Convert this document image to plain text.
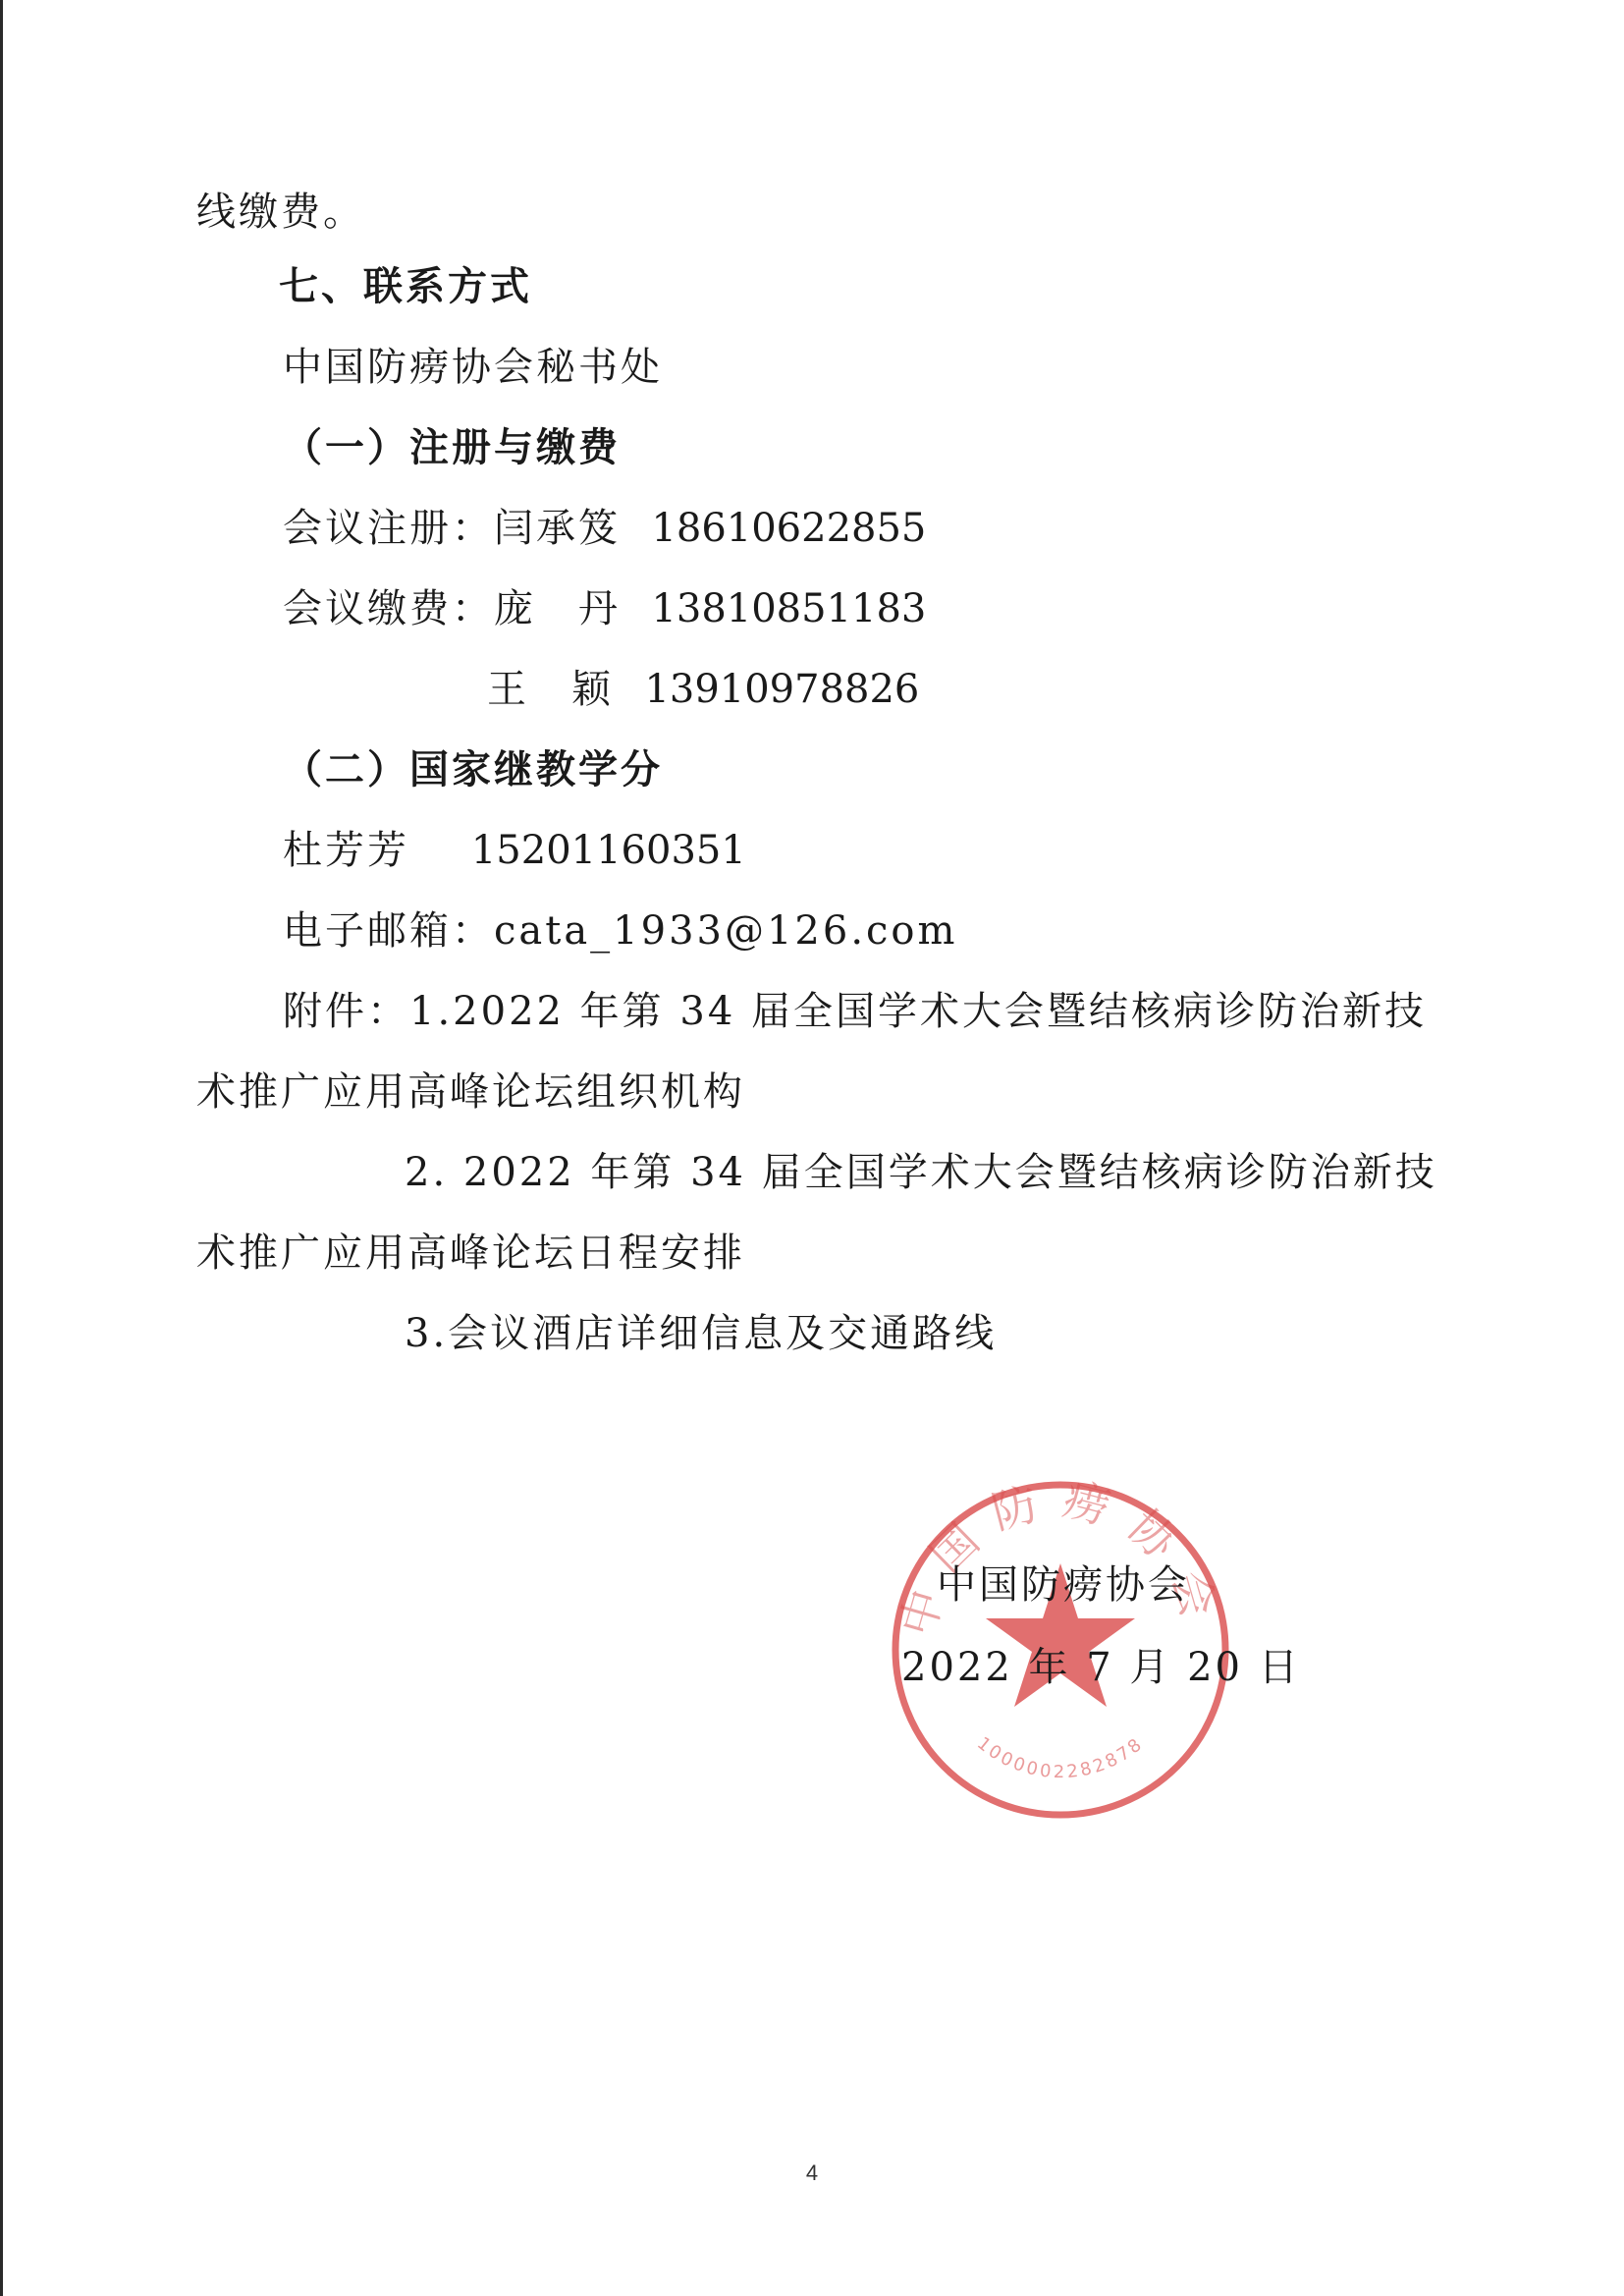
线缴费。
七、联系方式
中国防痨协会秘书处
（一）注册与缴费
会议注册：闫承笈 18610622855
会议缴费：庞　丹 13810851183
王　颖 13910978826
（二）国家继教学分
杜芳芳 15201160351
电子邮箱：cata_1933@126.com
附件：1.2022 年第 34 届全国学术大会暨结核病诊防治新技
术推广应用高峰论坛组织机构
2. 2022 年第 34 届全国学术大会暨结核病诊防治新技
术推广应用高峰论坛日程安排
3.会议酒店详细信息及交通路线
中国防痨协会
1000002282878
中国防痨协会
2022 年 7 月 20 日
4
